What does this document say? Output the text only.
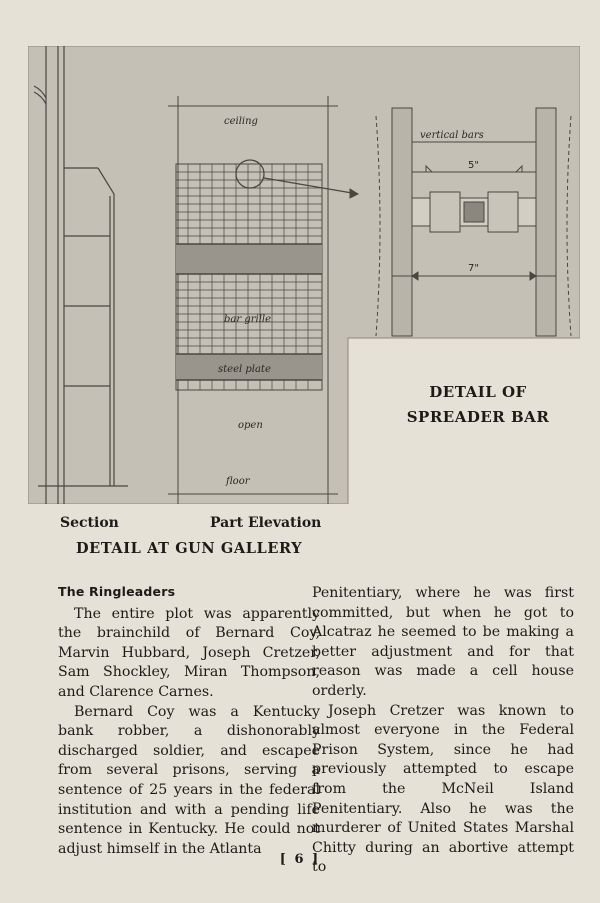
ceiling
bar grille
steel plate
open
floor
vertical bars
5"
7"
DETAIL OF
SPREADER BAR
Section	Part Elevation
DETAIL AT GUN GALLERY
The Ringleaders

The entire plot was apparently the brainchild of Bernard Coy, Marvin Hubbard, Joseph Cretzer, Sam Shockley, Miran Thompson, and Clarence Carnes.

Bernard Coy was a Kentucky bank robber, a dishonorably discharged soldier, and escapee from several prisons, serving a sentence of 25 years in the federal institution and with a pending life sentence in Kentucky. He could not adjust himself in the Atlanta

Penitentiary, where he was first committed, but when he got to Alcatraz he seemed to be making a better adjustment and for that reason was made a cell house orderly.

Joseph Cretzer was known to almost everyone in the Federal Prison System, since he had previously attempted to escape from the McNeil Island Penitentiary. Also he was the murderer of United States Marshal Chitty during an abortive attempt to

[ 6 ]
